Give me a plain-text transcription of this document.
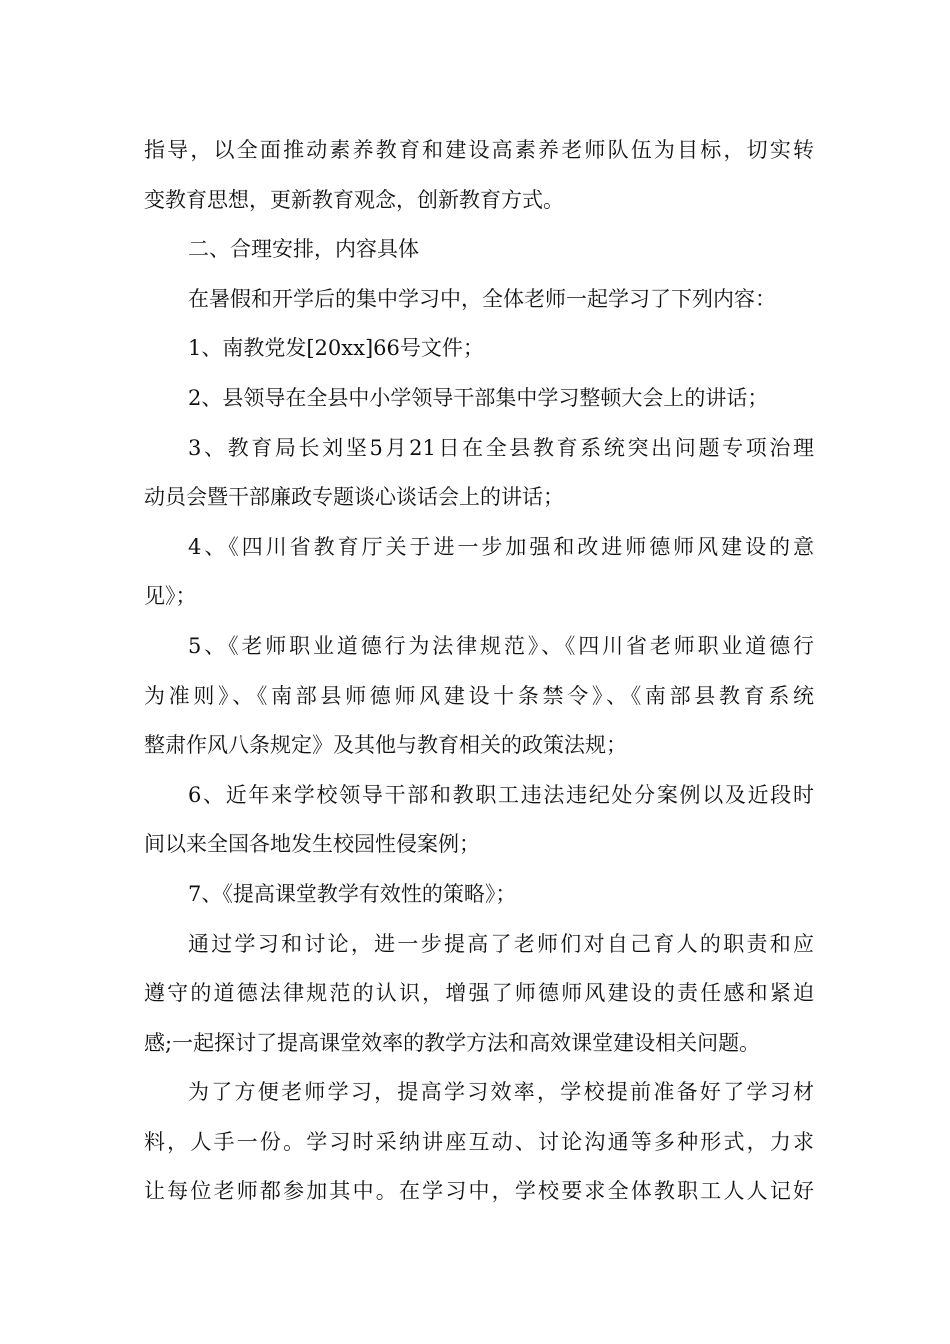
指导，以全面推动素养教育和建设高素养老师队伍为目标，切实转
变教育思想，更新教育观念，创新教育方式。
二、合理安排，内容具体
在暑假和开学后的集中学习中，全体老师一起学习了下列内容：
1、南教党发[20xx]66号文件；
2、县领导在全县中小学领导干部集中学习整顿大会上的讲话；
3、教育局长刘坚5月21日在全县教育系统突出问题专项治理
动员会暨干部廉政专题谈心谈话会上的讲话；
4、《四川省教育厅关于进一步加强和改进师德师风建设的意
见》；
5、《老师职业道德行为法律规范》、《四川省老师职业道德行
为准则》、《南部县师德师风建设十条禁令》、《南部县教育系统
整肃作风八条规定》及其他与教育相关的政策法规；
6、近年来学校领导干部和教职工违法违纪处分案例以及近段时
间以来全国各地发生校园性侵案例；
7、《提高课堂教学有效性的策略》；
通过学习和讨论，进一步提高了老师们对自己育人的职责和应
遵守的道德法律规范的认识，增强了师德师风建设的责任感和紧迫
感;一起探讨了提高课堂效率的教学方法和高效课堂建设相关问题。
为了方便老师学习，提高学习效率，学校提前准备好了学习材
料，人手一份。学习时采纳讲座互动、讨论沟通等多种形式，力求
让每位老师都参加其中。在学习中，学校要求全体教职工人人记好
